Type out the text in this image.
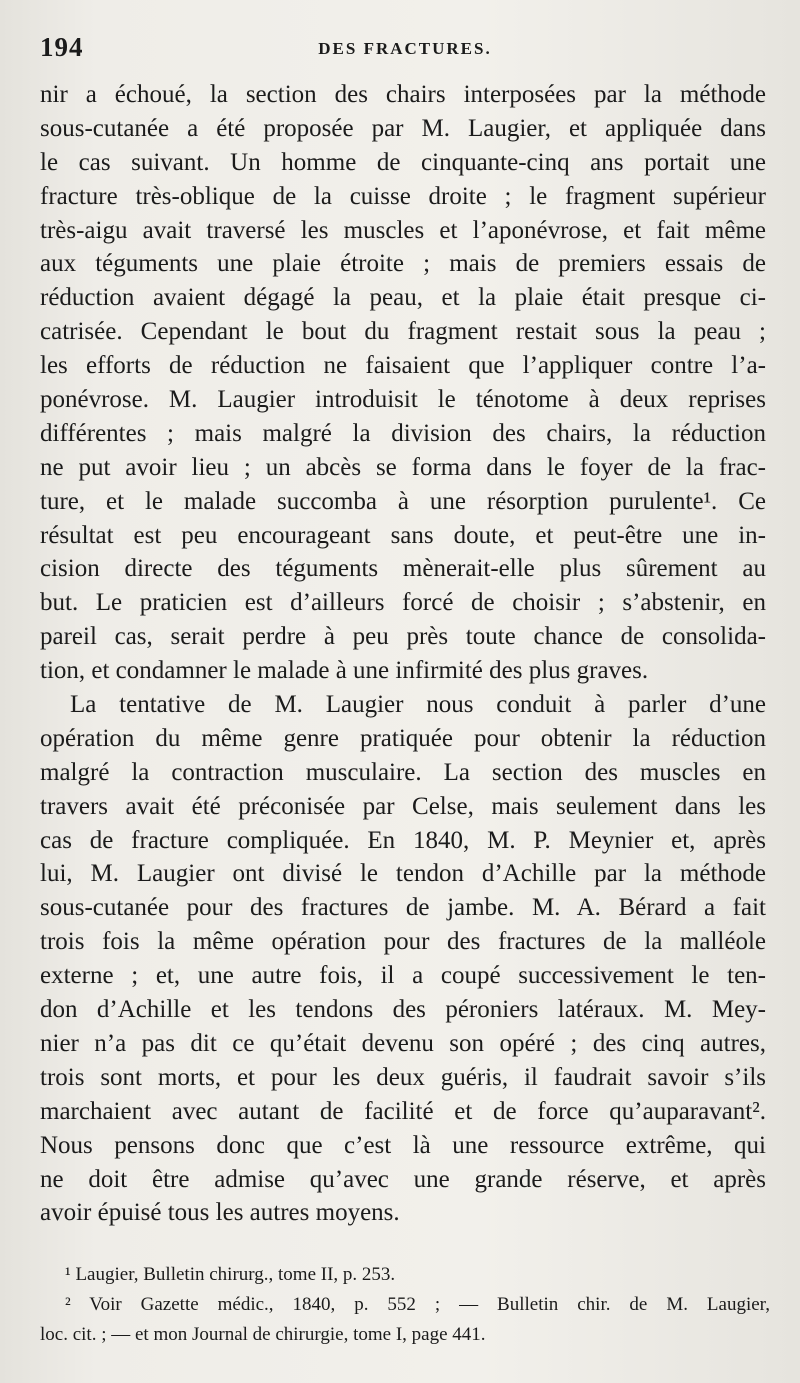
194	DES FRACTURES.
nir a échoué, la section des chairs interposées par la méthode
sous-cutanée a été proposée par M. Laugier, et appliquée dans
le cas suivant. Un homme de cinquante-cinq ans portait une
fracture très-oblique de la cuisse droite ; le fragment supérieur
très-aigu avait traversé les muscles et l’aponévrose, et fait même
aux téguments une plaie étroite ; mais de premiers essais de
réduction avaient dégagé la peau, et la plaie était presque ci-
catrisée. Cependant le bout du fragment restait sous la peau ;
les efforts de réduction ne faisaient que l’appliquer contre l’a-
ponévrose. M. Laugier introduisit le ténotome à deux reprises
différentes ; mais malgré la division des chairs, la réduction
ne put avoir lieu ; un abcès se forma dans le foyer de la frac-
ture, et le malade succomba à une résorption purulente¹. Ce
résultat est peu encourageant sans doute, et peut-être une in-
cision directe des téguments mènerait-elle plus sûrement au
but. Le praticien est d’ailleurs forcé de choisir ; s’abstenir, en
pareil cas, serait perdre à peu près toute chance de consolida-
tion, et condamner le malade à une infirmité des plus graves.
La tentative de M. Laugier nous conduit à parler d’une
opération du même genre pratiquée pour obtenir la réduction
malgré la contraction musculaire. La section des muscles en
travers avait été préconisée par Celse, mais seulement dans les
cas de fracture compliquée. En 1840, M. P. Meynier et, après
lui, M. Laugier ont divisé le tendon d’Achille par la méthode
sous-cutanée pour des fractures de jambe. M. A. Bérard a fait
trois fois la même opération pour des fractures de la malléole
externe ; et, une autre fois, il a coupé successivement le ten-
don d’Achille et les tendons des péroniers latéraux. M. Mey-
nier n’a pas dit ce qu’était devenu son opéré ; des cinq autres,
trois sont morts, et pour les deux guéris, il faudrait savoir s’ils
marchaient avec autant de facilité et de force qu’auparavant².
Nous pensons donc que c’est là une ressource extrême, qui
ne doit être admise qu’avec une grande réserve, et après
avoir épuisé tous les autres moyens.
¹ Laugier, Bulletin chirurg., tome II, p. 253.
² Voir Gazette médic., 1840, p. 552 ; — Bulletin chir. de M. Laugier,
loc. cit. ; — et mon Journal de chirurgie, tome I, page 441.
